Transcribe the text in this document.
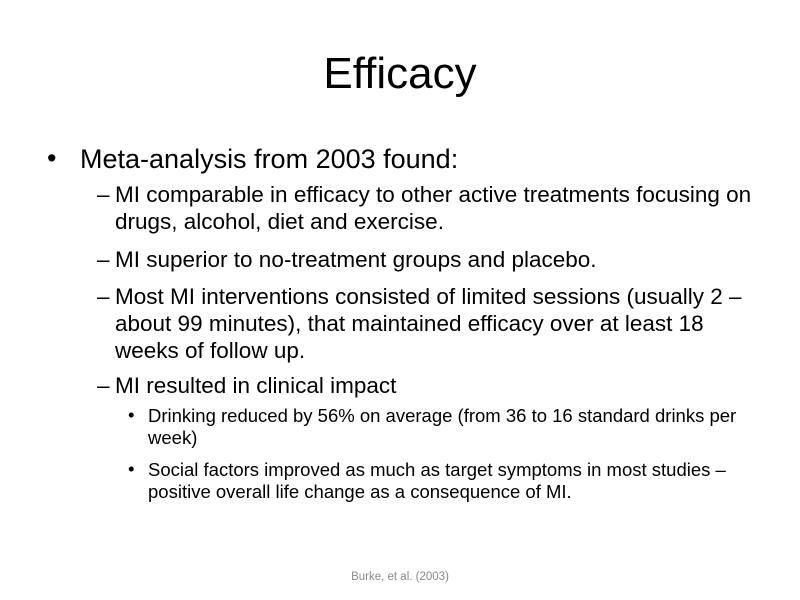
Efficacy
• Meta-analysis from 2003 found:
– MI comparable in efficacy to other active treatments focusing on drugs, alcohol, diet and exercise.
– MI superior to no-treatment groups and placebo.
– Most MI interventions consisted of limited sessions (usually 2 – about 99 minutes), that maintained efficacy over at least 18 weeks of follow up.
– MI resulted in clinical impact
• Drinking reduced by 56% on average (from 36 to 16 standard drinks per week)
• Social factors improved as much as target symptoms in most studies – positive overall life change as a consequence of MI.
Burke, et al. (2003)
